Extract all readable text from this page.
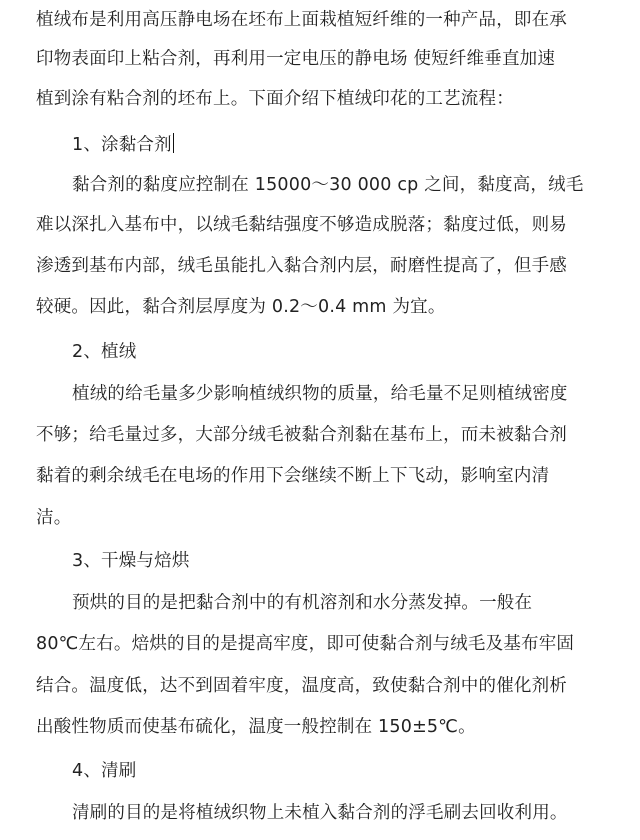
植绒布是利用高压静电场在坯布上面栽植短纤维的一种产品，即在承
印物表面印上粘合剂，再利用一定电压的静电场 使短纤维垂直加速
植到涂有粘合剂的坯布上。下面介绍下植绒印花的工艺流程：
1、涂黏合剂
黏合剂的黏度应控制在 15000～30 000 cp 之间，黏度高，绒毛
难以深扎入基布中，以绒毛黏结强度不够造成脱落；黏度过低，则易
渗透到基布内部，绒毛虽能扎入黏合剂内层，耐磨性提高了，但手感
较硬。因此，黏合剂层厚度为 0.2～0.4 mm 为宜。
2、植绒
植绒的给毛量多少影响植绒织物的质量，给毛量不足则植绒密度
不够；给毛量过多，大部分绒毛被黏合剂黏在基布上，而未被黏合剂
黏着的剩余绒毛在电场的作用下会继续不断上下飞动，影响室内清
洁。
3、干燥与焙烘
预烘的目的是把黏合剂中的有机溶剂和水分蒸发掉。一般在
80℃左右。焙烘的目的是提高牢度，即可使黏合剂与绒毛及基布牢固
结合。温度低，达不到固着牢度，温度高，致使黏合剂中的催化剂析
出酸性物质而使基布硫化，温度一般控制在 150±5℃。
4、清刷
清刷的目的是将植绒织物上未植入黏合剂的浮毛刷去回收利用。
